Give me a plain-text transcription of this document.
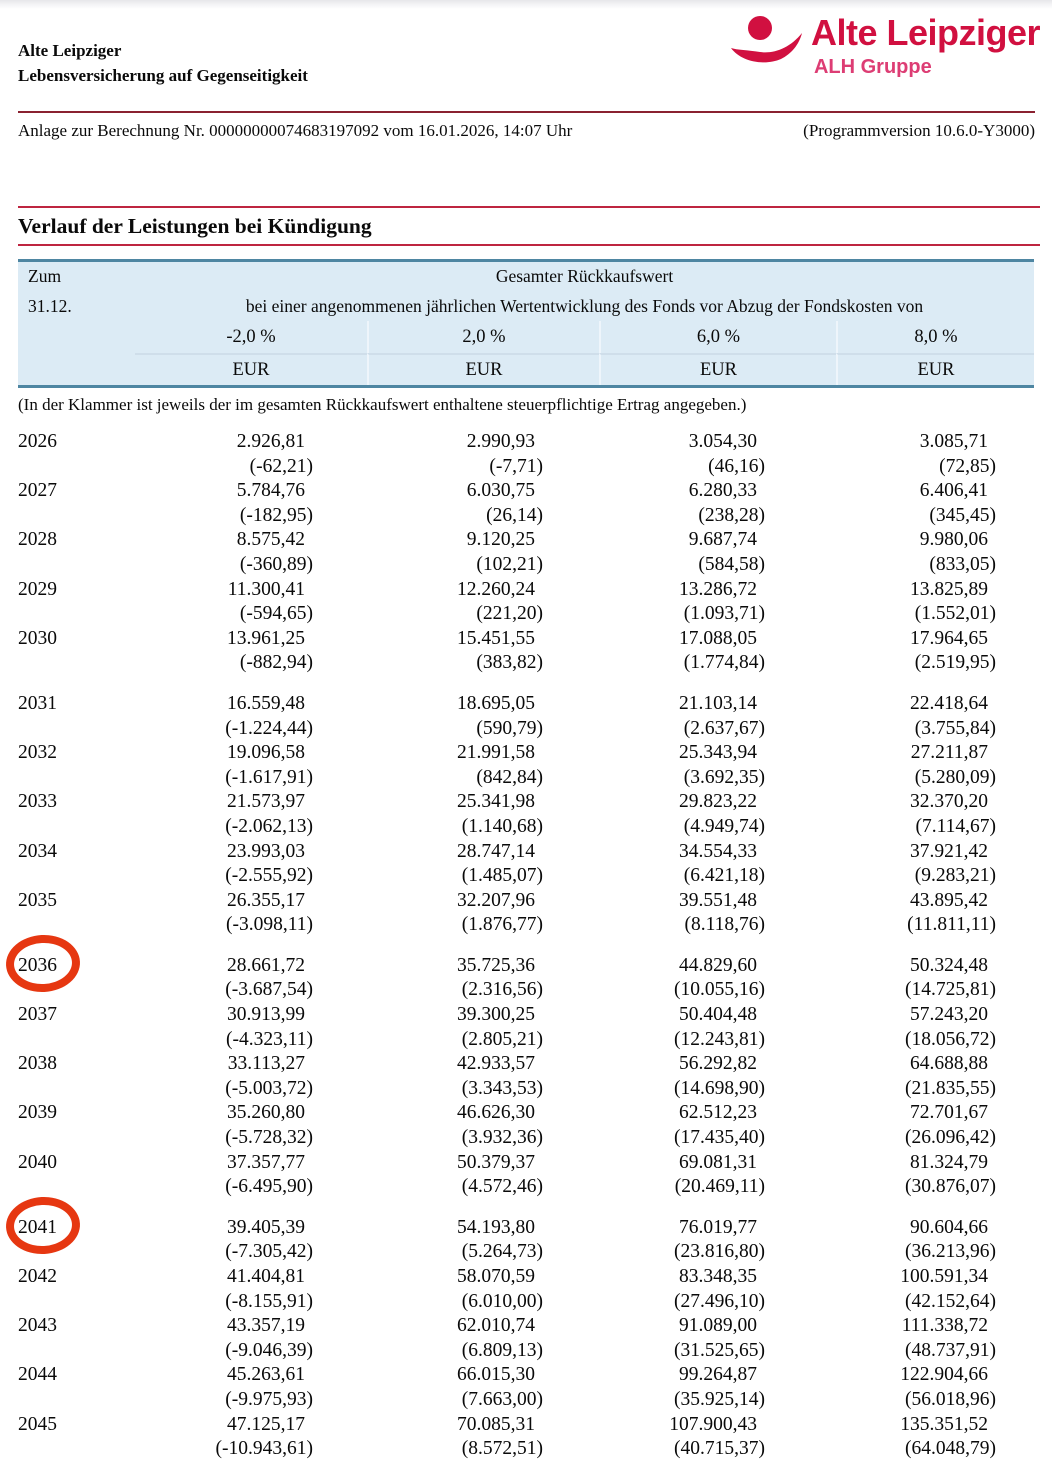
Alte Leipziger
Lebensversicherung auf Gegenseitigkeit
Alte Leipziger
ALH Gruppe
Anlage zur Berechnung Nr. 00000000074683197092 vom 16.01.2026, 14:07 Uhr	(Programmversion 10.6.0-Y3000)
Verlauf der Leistungen bei Kündigung
Zum	Gesamter Rückkaufswert
31.12.	bei einer angenommenen jährlichen Wertentwicklung des Fonds vor Abzug der Fondskosten von
-2,0 %	2,0 %	6,0 %	8,0 %
EUR	EUR	EUR	EUR
(In der Klammer ist jeweils der im gesamten Rückkaufswert enthaltene steuerpflichtige Ertrag angegeben.)
2026	2.926,81	2.990,93	3.054,30	3.085,71
	(-62,21)	(-7,71)	(46,16)	(72,85)
2027	5.784,76	6.030,75	6.280,33	6.406,41
	(-182,95)	(26,14)	(238,28)	(345,45)
2028	8.575,42	9.120,25	9.687,74	9.980,06
	(-360,89)	(102,21)	(584,58)	(833,05)
2029	11.300,41	12.260,24	13.286,72	13.825,89
	(-594,65)	(221,20)	(1.093,71)	(1.552,01)
2030	13.961,25	15.451,55	17.088,05	17.964,65
	(-882,94)	(383,82)	(1.774,84)	(2.519,95)

2031	16.559,48	18.695,05	21.103,14	22.418,64
	(-1.224,44)	(590,79)	(2.637,67)	(3.755,84)
2032	19.096,58	21.991,58	25.343,94	27.211,87
	(-1.617,91)	(842,84)	(3.692,35)	(5.280,09)
2033	21.573,97	25.341,98	29.823,22	32.370,20
	(-2.062,13)	(1.140,68)	(4.949,74)	(7.114,67)
2034	23.993,03	28.747,14	34.554,33	37.921,42
	(-2.555,92)	(1.485,07)	(6.421,18)	(9.283,21)
2035	26.355,17	32.207,96	39.551,48	43.895,42
	(-3.098,11)	(1.876,77)	(8.118,76)	(11.811,11)

2036	28.661,72	35.725,36	44.829,60	50.324,48
	(-3.687,54)	(2.316,56)	(10.055,16)	(14.725,81)
2037	30.913,99	39.300,25	50.404,48	57.243,20
	(-4.323,11)	(2.805,21)	(12.243,81)	(18.056,72)
2038	33.113,27	42.933,57	56.292,82	64.688,88
	(-5.003,72)	(3.343,53)	(14.698,90)	(21.835,55)
2039	35.260,80	46.626,30	62.512,23	72.701,67
	(-5.728,32)	(3.932,36)	(17.435,40)	(26.096,42)
2040	37.357,77	50.379,37	69.081,31	81.324,79
	(-6.495,90)	(4.572,46)	(20.469,11)	(30.876,07)

2041	39.405,39	54.193,80	76.019,77	90.604,66
	(-7.305,42)	(5.264,73)	(23.816,80)	(36.213,96)
2042	41.404,81	58.070,59	83.348,35	100.591,34
	(-8.155,91)	(6.010,00)	(27.496,10)	(42.152,64)
2043	43.357,19	62.010,74	91.089,00	111.338,72
	(-9.046,39)	(6.809,13)	(31.525,65)	(48.737,91)
2044	45.263,61	66.015,30	99.264,87	122.904,66
	(-9.975,93)	(7.663,00)	(35.925,14)	(56.018,96)
2045	47.125,17	70.085,31	107.900,43	135.351,52
	(-10.943,61)	(8.572,51)	(40.715,37)	(64.048,79)
